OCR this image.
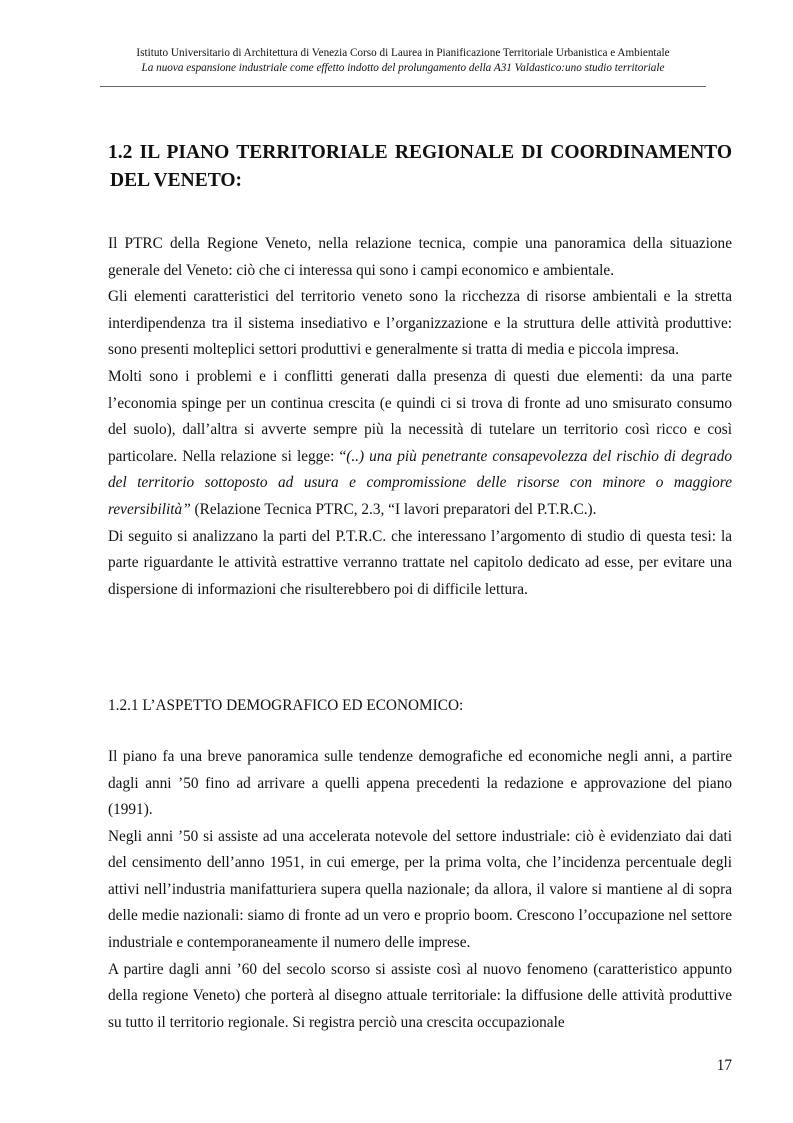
Istituto Universitario di Architettura di Venezia Corso di Laurea in Pianificazione Territoriale Urbanistica e Ambientale
La nuova espansione industriale come effetto indotto del prolungamento della A31 Valdastico:uno studio territoriale
1.2 IL PIANO TERRITORIALE REGIONALE DI COORDINAMENTO
DEL VENETO:

Il PTRC della Regione Veneto, nella relazione tecnica, compie una panoramica della situazione generale del Veneto: ciò che ci interessa qui sono i campi economico e ambientale.

Gli elementi caratteristici del territorio veneto sono la ricchezza di risorse ambientali e la stretta interdipendenza tra il sistema insediativo e l’organizzazione e la struttura delle attività produttive: sono presenti molteplici settori produttivi e generalmente si tratta di media e piccola impresa.

Molti sono i problemi e i conflitti generati dalla presenza di questi due elementi: da una parte l’economia spinge per un continua crescita (e quindi ci si trova di fronte ad uno smisurato consumo del suolo), dall’altra si avverte sempre più la necessità di tutelare un territorio così ricco e così particolare. Nella relazione si legge: “(..) una più penetrante consapevolezza del rischio di degrado del territorio sottoposto ad usura e compromissione delle risorse con minore o maggiore reversibilità” (Relazione Tecnica PTRC, 2.3, “I lavori preparatori del P.T.R.C.).

Di seguito si analizzano la parti del P.T.R.C. che interessano l’argomento di studio di questa tesi: la parte riguardante le attività estrattive verranno trattate nel capitolo dedicato ad esse, per evitare una dispersione di informazioni che risulterebbero poi di difficile lettura.

1.2.1 L’ASPETTO DEMOGRAFICO ED ECONOMICO:

Il piano fa una breve panoramica sulle tendenze demografiche ed economiche negli anni, a partire dagli anni ’50 fino ad arrivare a quelli appena precedenti la redazione e approvazione del piano (1991).

Negli anni ’50 si assiste ad una accelerata notevole del settore industriale: ciò è evidenziato dai dati del censimento dell’anno 1951, in cui emerge, per la prima volta, che l’incidenza percentuale degli attivi nell’industria manifatturiera supera quella nazionale; da allora, il valore si mantiene al di sopra delle medie nazionali: siamo di fronte ad un vero e proprio boom. Crescono l’occupazione nel settore industriale e contemporaneamente il numero delle imprese.

A partire dagli anni ’60 del secolo scorso si assiste così al nuovo fenomeno (caratteristico appunto della regione Veneto) che porterà al disegno attuale territoriale: la diffusione delle attività produttive su tutto il territorio regionale. Si registra perciò una crescita occupazionale

17
